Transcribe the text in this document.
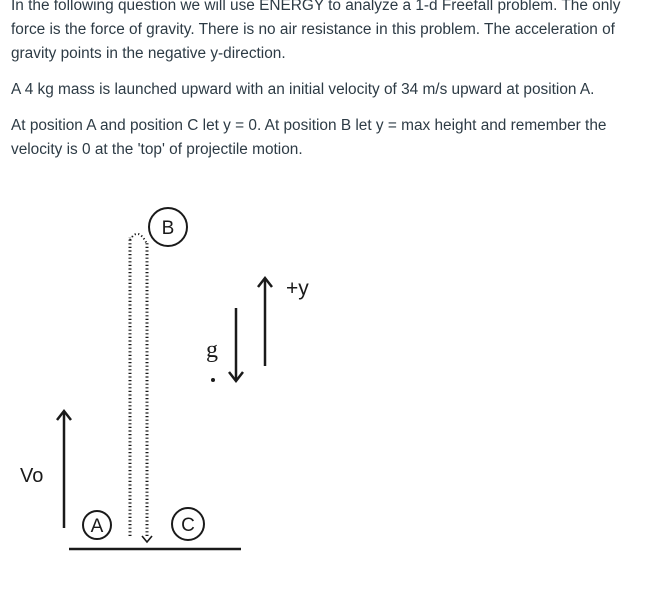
In the following question we will use ENERGY to analyze a 1-d Freefall problem. The only force is the force of gravity. There is no air resistance in this problem. The acceleration of gravity points in the negative y-direction.

A 4 kg mass is launched upward with an initial velocity of 34 m/s upward at position A.

At position A and position C let y = 0. At position B let y = max height and remember the velocity is 0 at the 'top' of projectile motion.

Vo
A
B
C
g
+y
